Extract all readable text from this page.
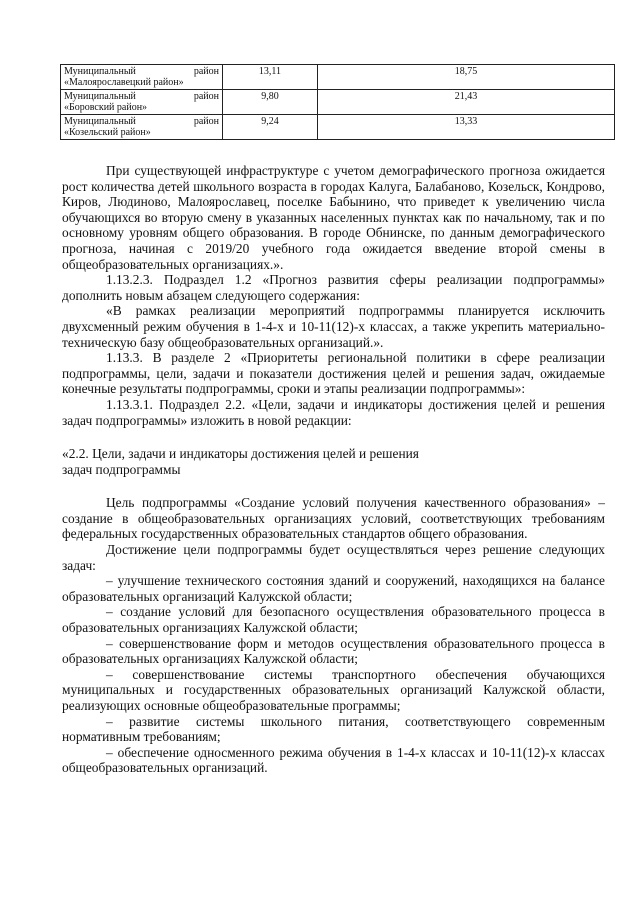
Муниципальный район
«Малоярославецкий район»	13,11	18,75

Муниципальный район
«Боровский район»	9,80	21,43

Муниципальный район
«Козельский район»	9,24	13,33

При существующей инфраструктуре с учетом демографического прогноза ожидается рост количества детей школьного возраста в городах Калуга, Балабаново, Козельск, Кондрово, Киров, Людиново, Малоярославец, поселке Бабынино, что приведет к увеличению числа обучающихся во вторую смену в указанных населенных пунктах как по начальному, так и по основному уровням общего образования. В городе Обнинске, по данным демографического прогноза, начиная с 2019/20 учебного года ожидается введение второй смены в общеобразовательных организациях.».

1.13.2.3. Подраздел 1.2 «Прогноз развития сферы реализации подпрограммы» дополнить новым абзацем следующего содержания:

«В рамках реализации мероприятий подпрограммы планируется исключить двухсменный режим обучения в 1-4-х и 10-11(12)-х классах, а также укрепить материально-техническую базу общеобразовательных организаций.».

1.13.3. В разделе 2 «Приоритеты региональной политики в сфере реализации подпрограммы, цели, задачи и показатели достижения целей и решения задач, ожидаемые конечные результаты подпрограммы, сроки и этапы реализации подпрограммы»:

1.13.3.1. Подраздел 2.2. «Цели, задачи и индикаторы достижения целей и решения задач подпрограммы» изложить в новой редакции:

«2.2. Цели, задачи и индикаторы достижения целей и решения

задач подпрограммы

Цель подпрограммы «Создание условий получения качественного образования» – создание в общеобразовательных организациях условий, соответствующих требованиям федеральных государственных образовательных стандартов общего образования.

Достижение цели подпрограммы будет осуществляться через решение следующих задач:

– улучшение технического состояния зданий и сооружений, находящихся на балансе образовательных организаций Калужской области;

– создание условий для безопасного осуществления образовательного процесса в образовательных организациях Калужской области;

– совершенствование форм и методов осуществления образовательного процесса в образовательных организациях Калужской области;

– совершенствование системы транспортного обеспечения обучающихся муниципальных и государственных образовательных организаций Калужской области, реализующих основные общеобразовательные программы;

– развитие системы школьного питания, соответствующего современным нормативным требованиям;

– обеспечение односменного режима обучения в 1-4-х классах и 10-11(12)-х классах общеобразовательных организаций.
